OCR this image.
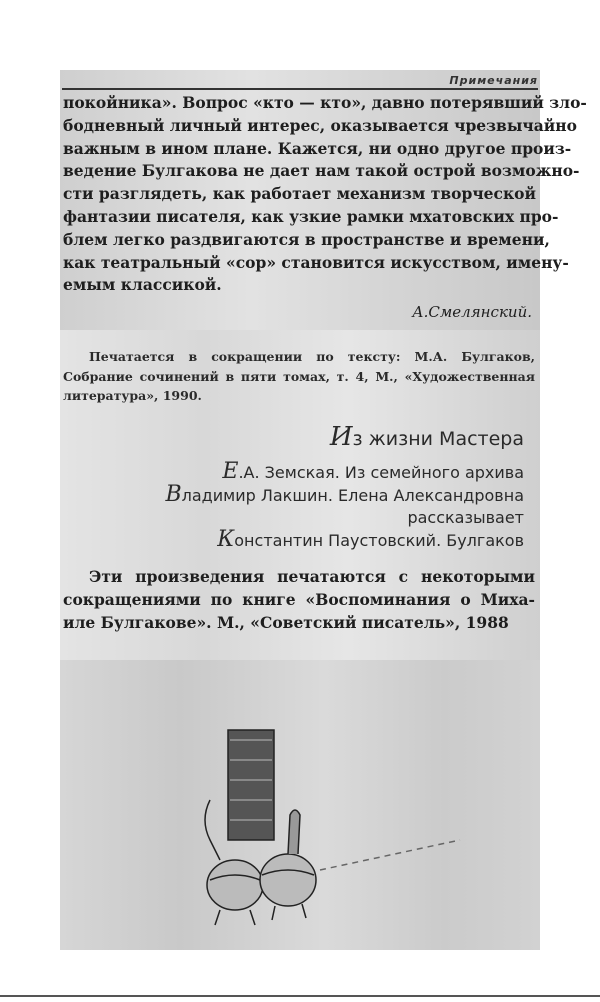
Примечания
покойника». Вопрос «кто — кто», давно потерявший зло-
бодневный личный интерес, оказывается чрезвычайно
важным в ином плане. Кажется, ни одно другое произ-
ведение Булгакова не дает нам такой острой возможно-
сти разглядеть, как работает механизм творческой
фантазии писателя, как узкие рамки мхатовских про-
блем легко раздвигаются в пространстве и времени,
как театральный «сор» становится искусством, имену-
емым классикой.
А.Смелянский.
Печатается в сокращении по тексту: М.А. Булгаков,
Собрание сочинений в пяти томах, т. 4, М., «Художественная
литература», 1990.
Из жизни Мастера
Е.А. Земская. Из семейного архива
Владимир Лакшин. Елена Александровна
рассказывает
Константин Паустовский. Булгаков
Эти произведения печатаются с некоторыми
сокращениями по книге «Воспоминания о Миха-
иле Булгакове». М., «Советский писатель», 1988
